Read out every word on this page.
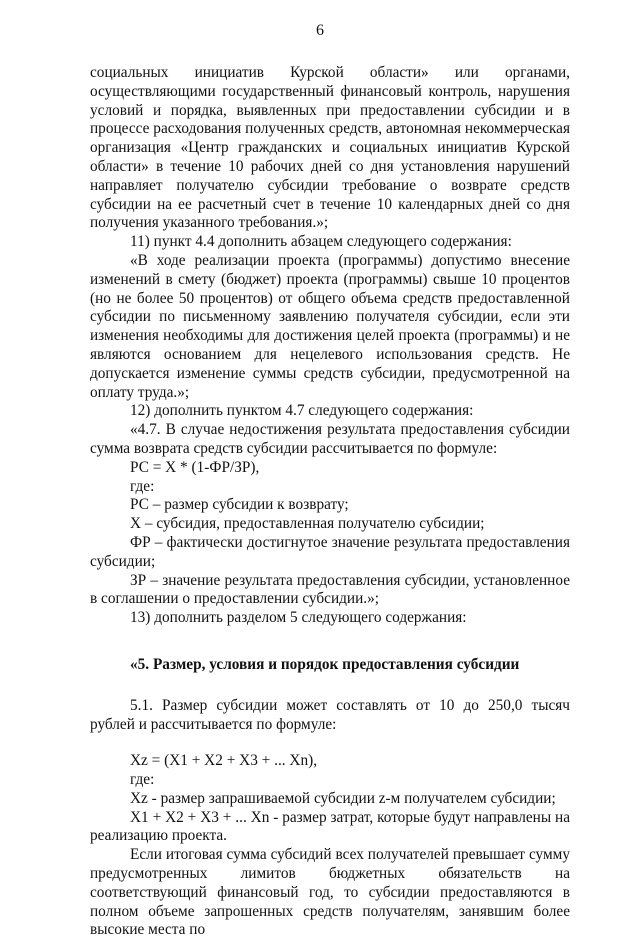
6

социальных инициатив Курской области» или органами, осуществляющими государственный финансовый контроль, нарушения условий и порядка, выявленных при предоставлении субсидии и в процессе расходования полученных средств, автономная некоммерческая организация «Центр гражданских и социальных инициатив Курской области» в течение 10 рабочих дней со дня установления нарушений направляет получателю субсидии требование о возврате средств субсидии на ее расчетный счет в течение 10 календарных дней со дня получения указанного требования.»;

11) пункт 4.4 дополнить абзацем следующего содержания:

«В ходе реализации проекта (программы) допустимо внесение изменений в смету (бюджет) проекта (программы) свыше 10 процентов (но не более 50 процентов) от общего объема средств предоставленной субсидии по письменному заявлению получателя субсидии, если эти изменения необходимы для достижения целей проекта (программы) и не являются основанием для нецелевого использования средств. Не допускается изменение суммы средств субсидии, предусмотренной на оплату труда.»;

12) дополнить пунктом 4.7 следующего содержания:

«4.7. В случае недостижения результата предоставления субсидии сумма возврата средств субсидии рассчитывается по формуле:

РС = Х * (1-ФР/ЗР),

где:

РС – размер субсидии к возврату;

Х – субсидия, предоставленная получателю субсидии;

ФР – фактически достигнутое значение результата предоставления субсидии;

ЗР – значение результата предоставления субсидии, установленное в соглашении о предоставлении субсидии.»;

13) дополнить разделом 5 следующего содержания:

«5. Размер, условия и порядок предоставления субсидии

5.1. Размер субсидии может составлять от 10 до 250,0 тысяч рублей и рассчитывается по формуле:

Xz = (X1 + X2 + X3 + ... Xn),

где:

Xz - размер запрашиваемой субсидии z-м получателем субсидии;

X1 + X2 + X3 + ... Xn - размер затрат, которые будут направлены на реализацию проекта.

Если итоговая сумма субсидий всех получателей превышает сумму предусмотренных лимитов бюджетных обязательств на соответствующий финансовый год, то субсидии предоставляются в полном объеме запрошенных средств получателям, занявшим более высокие места по
